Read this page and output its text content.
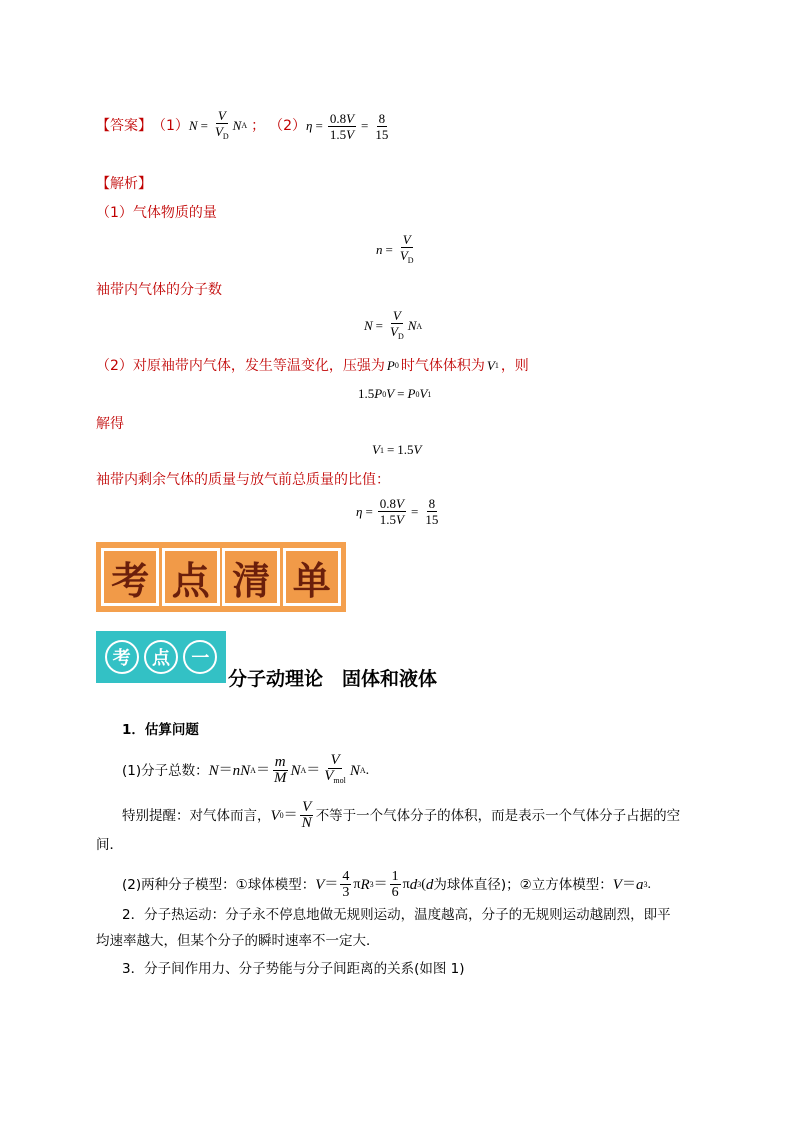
【答案】 （1） $N = \frac{V}{V_D}$ N A ； （2） $\eta = \frac{0.8V}{1.5V} = \frac{8}{15}$
【解析】
（1）气体物质的量
$n = \frac{V}{V_D}$
袖带内气体的分子数
$N = \frac{V}{V_D}$ N A
（2）对原袖带内气体，发生等温变化，压强为 P 0 时气体体积为 V 1 ，则
1.5 P 0 V = P 0 V 1
解得
V 1 = 1.5 V
袖带内剩余气体的质量与放气前总质量的比值：
$\eta = \frac{0.8V}{1.5V} = \frac{8}{15}$
考 点 清 单
考	点	一
分子动理论　固体和液体
1．估算问题
(1)分子总数： N ＝ nN $A = \frac{m}{M}$ N $A = \frac{V}{V_{mol}}$ N A .
特别提醒：对气体而言， V $0 = \frac{V}{N}$ 不等于一个气体分子的体积，而是表示一个气体分子占据的空
间．
(2)两种分子模型：①球体模型： $V = \frac{4}{3}$ π R $3 = \frac{1}{6}$ π d 3 ( d 为球体直径)；②立方体模型： V ＝ a 3 .
2．分子热运动：分子永不停息地做无规则运动，温度越高，分子的无规则运动越剧烈，即平
均速率越大，但某个分子的瞬时速率不一定大．
3．分子间作用力、分子势能与分子间距离的关系(如图 1)
